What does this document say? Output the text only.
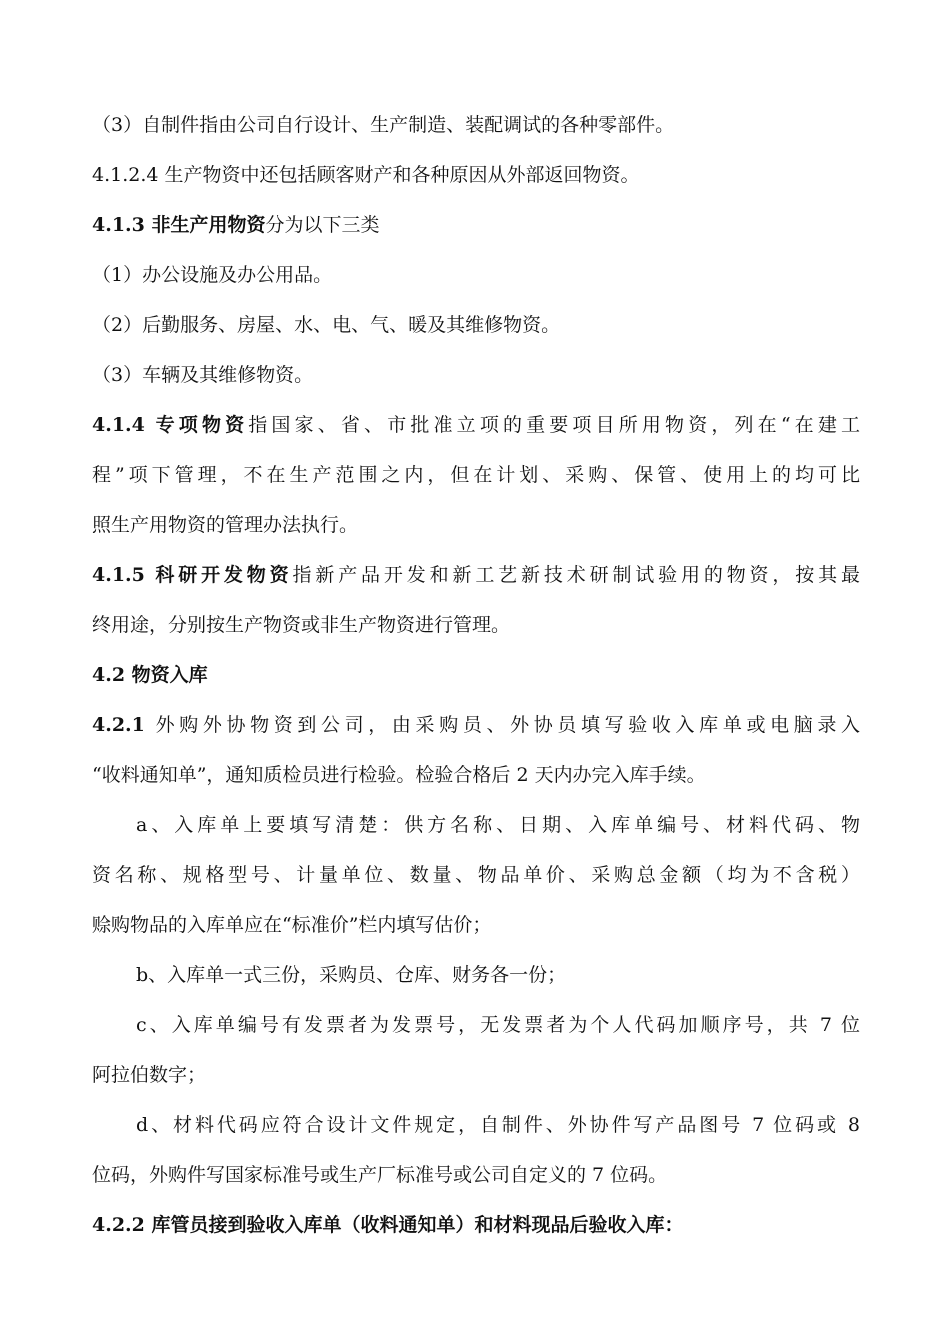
（3）自制件指由公司自行设计、生产制造、装配调试的各种零部件。
4.1.2.4 生产物资中还包括顾客财产和各种原因从外部返回物资。
4.1.3 非生产用物资分为以下三类
（1）办公设施及办公用品。
（2）后勤服务、房屋、水、电、气、暖及其维修物资。
（3）车辆及其维修物资。
4.1.4 专项物资指国家、省、市批准立项的重要项目所用物资，列在“在建工
程”项下管理，不在生产范围之内，但在计划、采购、保管、使用上的均可比
照生产用物资的管理办法执行。
4.1.5 科研开发物资指新产品开发和新工艺新技术研制试验用的物资，按其最
终用途，分别按生产物资或非生产物资进行管理。
4.2 物资入库
4.2.1 外购外协物资到公司，由采购员、外协员填写验收入库单或电脑录入
“收料通知单”，通知质检员进行检验。检验合格后 2 天内办完入库手续。
a、入库单上要填写清楚：供方名称、日期、入库单编号、材料代码、物
资名称、规格型号、计量单位、数量、物品单价、采购总金额（均为不含税）
赊购物品的入库单应在“标准价”栏内填写估价；
b、入库单一式三份，采购员、仓库、财务各一份；
c、入库单编号有发票者为发票号，无发票者为个人代码加顺序号，共 7 位
阿拉伯数字；
d、材料代码应符合设计文件规定，自制件、外协件写产品图号 7 位码或 8
位码，外购件写国家标准号或生产厂标准号或公司自定义的 7 位码。
4.2.2 库管员接到验收入库单（收料通知单）和材料现品后验收入库：
